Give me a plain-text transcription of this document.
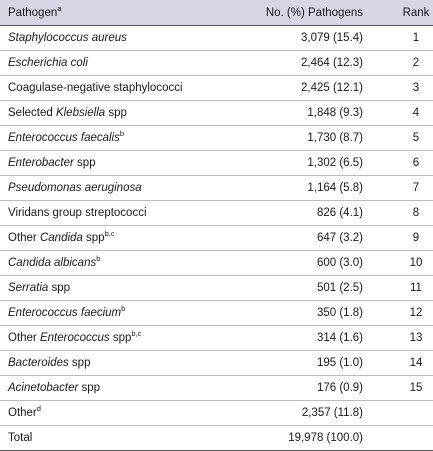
Pathogen$^a$	No. (%) Pathogens	Rank
Staphylococcus aureus	3,079 (15.4)	1
Escherichia coli	2,464 (12.3)	2
Coagulase-negative staphylococci	2,425 (12.1)	3
Selected Klebsiella spp	1,848 (9.3)	4
Enterococcus faecalis$^b$	1,730 (8.7)	5
Enterobacter spp	1,302 (6.5)	6
Pseudomonas aeruginosa	1,164 (5.8)	7
Viridans group streptococci	826 (4.1)	8
Other Candida spp$^{b,c}$	647 (3.2)	9
Candida albicans$^b$	600 (3.0)	10
Serratia spp	501 (2.5)	11
Enterococcus faecium$^b$	350 (1.8)	12
Other Enterococcus spp$^{b,c}$	314 (1.6)	13
Bacteroides spp	195 (1.0)	14
Acinetobacter spp	176 (0.9)	15
Other$^d$	2,357 (11.8)	
Total	19,978 (100.0)	
